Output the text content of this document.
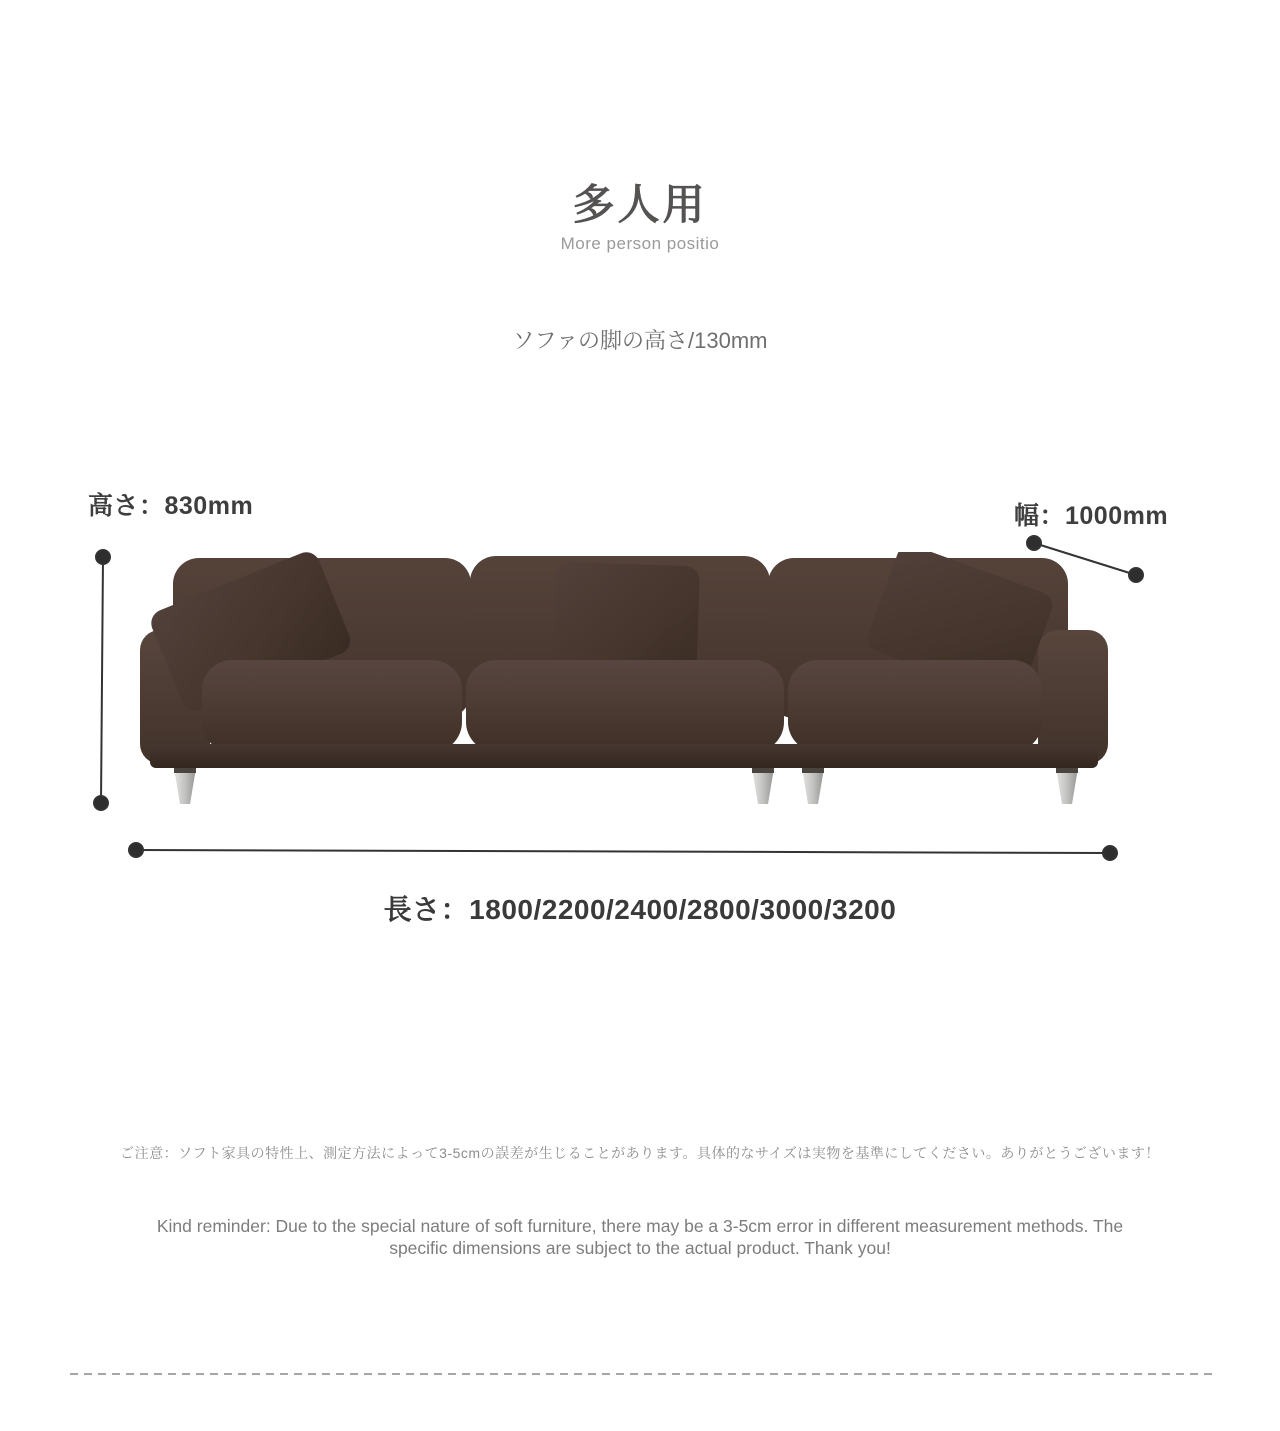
多人用
More person positio
ソファの脚の高さ/130mm
高さ：830mm	幅：1000mm
長さ：1800/2200/2400/2800/3000/3200
ご注意：ソフト家具の特性上、測定方法によって3-5cmの誤差が生じることがあります。具体的なサイズは実物を基準にしてください。ありがとうございます！
Kind reminder: Due to the special nature of soft furniture, there may be a 3-5cm error in different measurement methods. The specific dimensions are subject to the actual product. Thank you!
